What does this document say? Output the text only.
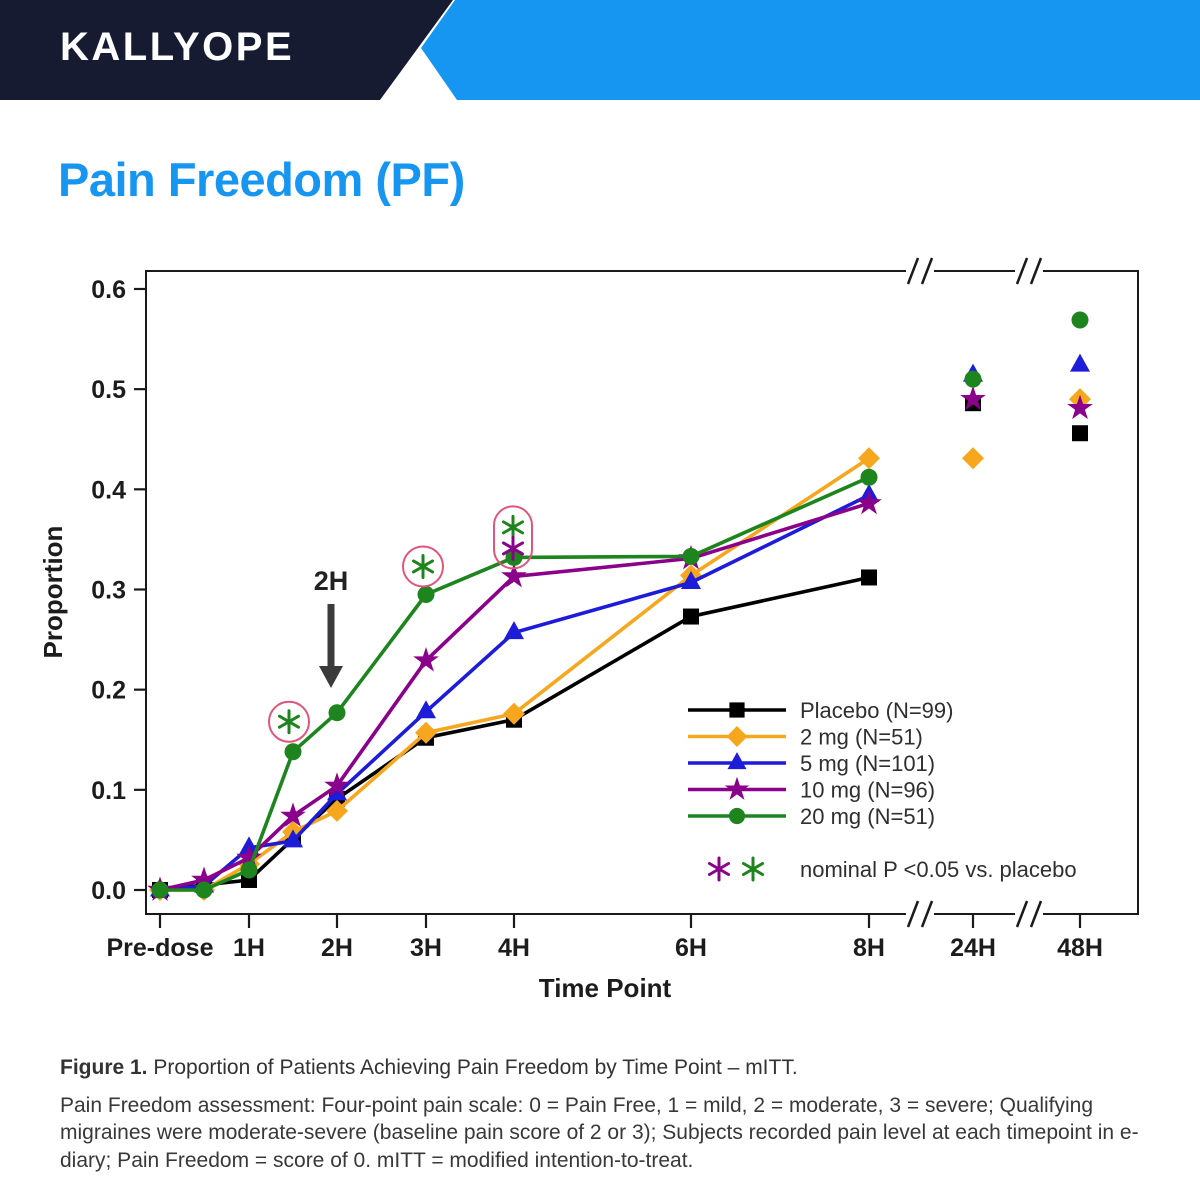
KALLYOPE
Pain Freedom (PF)
0.0
0.1
0.2
0.3
0.4
0.5
0.6
Pre-dose 1H 2H 3H 4H	6H	8H	24H 48H
Time Point
Proportion	2H
Placebo (N=99)
2 mg (N=51)
5 mg (N=101)
10 mg (N=96)
20 mg (N=51)
nominal P <0.05 vs. placebo
Figure 1. Proportion of Patients Achieving Pain Freedom by Time Point – mITT.
Pain Freedom assessment: Four-point pain scale: 0 = Pain Free, 1 = mild, 2 = moderate, 3 = severe; Qualifying migraines were moderate-severe (baseline pain score of 2 or 3); Subjects recorded pain level at each timepoint in e-diary; Pain Freedom = score of 0. mITT = modified intention-to-treat.
